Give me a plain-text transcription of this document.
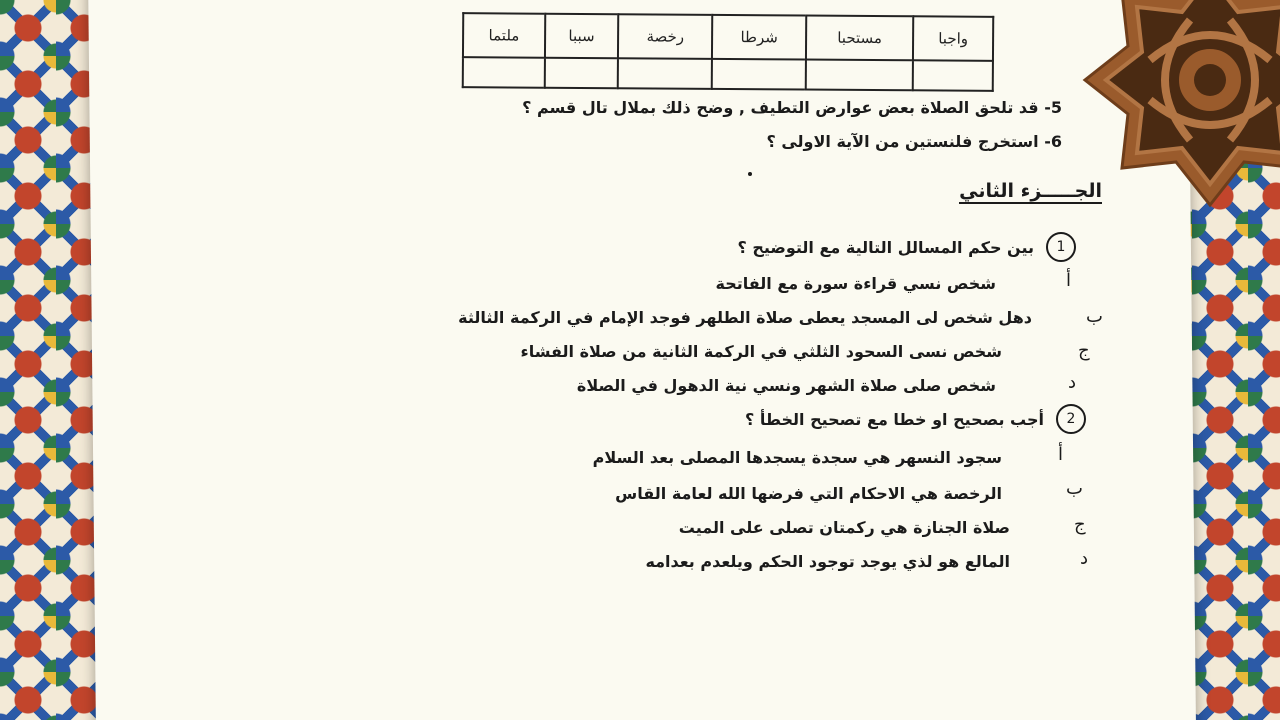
واجبا	مستحبا	شرطا	رخصة	سببا	ملتما

5- قد تلحق الصلاة بعض عوارض التطيف , وضح ذلك بملال تال قسم ؟
6- استخرج فلنستين من الآية الاولى ؟
الجـــــزء الثاني
1
بين حكم المسالل التالية مع التوضيح ؟
أ
شخص نسي قراءة سورة مع الفاتحة
ب
دهل شخص لى المسجد يعطى صلاة الطلهر فوجد الإمام في الركمة الثالثة
ج
شخص نسى السحود الثلثي في الركمة الثانية من صلاة الفشاء
د
شخص صلى صلاة الشهر ونسي نية الدهول في الصلاة
2
أجب بصحيح او خطا مع تصحيح الخطأ ؟
أ
سجود النسهر هي سجدة يسجدها المصلى بعد السلام
ب
الرخصة هي الاحكام التي فرضها الله لعامة القاس
ج
صلاة الجنازة هي ركمتان تصلى على الميت
د
المالع هو لذي يوجد توجود الحكم ويلعدم بعدامه
